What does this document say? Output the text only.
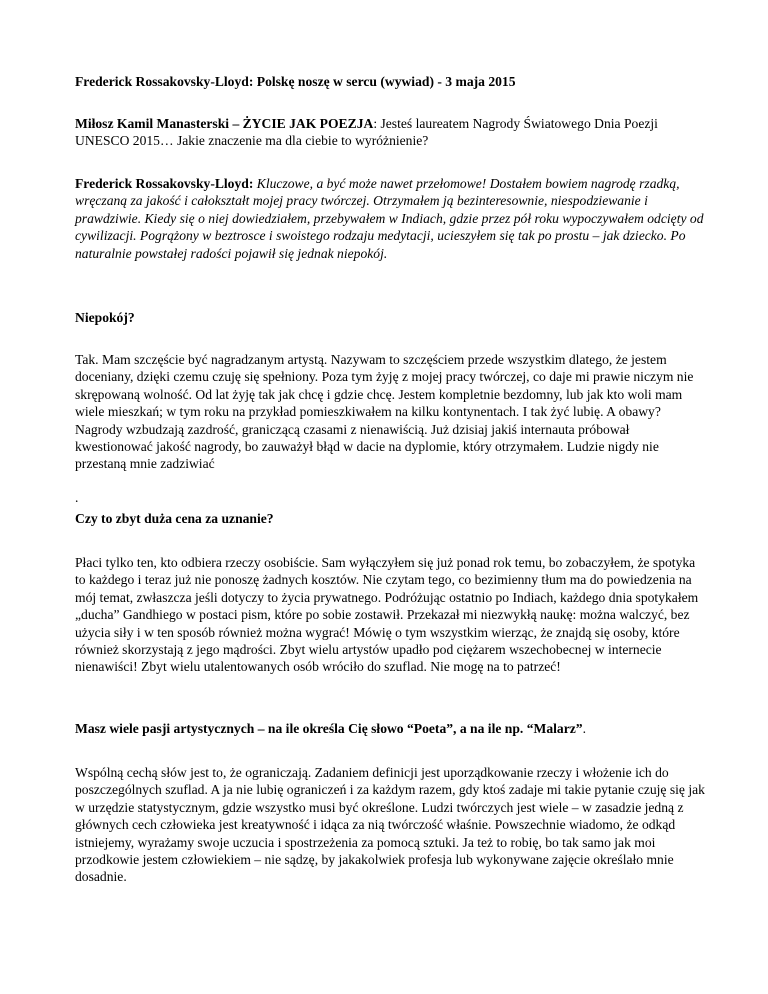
Frederick Rossakovsky-Lloyd: Polskę noszę w sercu (wywiad) - 3 maja 2015

Miłosz Kamil Manasterski – ŻYCIE JAK POEZJA: Jesteś laureatem Nagrody Światowego Dnia Poezji UNESCO 2015… Jakie znaczenie ma dla ciebie to wyróżnienie?

Frederick Rossakovsky-Lloyd: Kluczowe, a być może nawet przełomowe! Dostałem bowiem nagrodę rzadką, wręczaną za jakość i całokształt mojej pracy twórczej. Otrzymałem ją bezinteresownie, niespodziewanie i prawdziwie. Kiedy się o niej dowiedziałem, przebywałem w Indiach, gdzie przez pół roku wypoczywałem odcięty od cywilizacji. Pogrążony w beztrosce i swoistego rodzaju medytacji, ucieszyłem się tak po prostu – jak dziecko. Po naturalnie powstałej radości pojawił się jednak niepokój.

Niepokój?

Tak. Mam szczęście być nagradzanym artystą. Nazywam to szczęściem przede wszystkim dlatego, że jestem doceniany, dzięki czemu czuję się spełniony. Poza tym żyję z mojej pracy twórczej, co daje mi prawie niczym nie skrępowaną wolność. Od lat żyję tak jak chcę i gdzie chcę. Jestem kompletnie bezdomny, lub jak kto woli mam wiele mieszkań; w tym roku na przykład pomieszkiwałem na kilku kontynentach. I tak żyć lubię. A obawy? Nagrody wzbudzają zazdrość, graniczącą czasami z nienawiścią. Już dzisiaj jakiś internauta próbował kwestionować jakość nagrody, bo zauważył błąd w dacie na dyplomie, który otrzymałem. Ludzie nigdy nie przestaną mnie zadziwiać

.

Czy to zbyt duża cena za uznanie?

Płaci tylko ten, kto odbiera rzeczy osobiście. Sam wyłączyłem się już ponad rok temu, bo zobaczyłem, że spotyka to każdego i teraz już nie ponoszę żadnych kosztów. Nie czytam tego, co bezimienny tłum ma do powiedzenia na mój temat, zwłaszcza jeśli dotyczy to życia prywatnego. Podróżując ostatnio po Indiach, każdego dnia spotykałem „ducha” Gandhiego w postaci pism, które po sobie zostawił. Przekazał mi niezwykłą naukę: można walczyć, bez użycia siły i w ten sposób również można wygrać! Mówię o tym wszystkim wierząc, że znajdą się osoby, które również skorzystają z jego mądrości. Zbyt wielu artystów upadło pod ciężarem wszechobecnej w internecie nienawiści! Zbyt wielu utalentowanych osób wróciło do szuflad. Nie mogę na to patrzeć!

Masz wiele pasji artystycznych – na ile określa Cię słowo “Poeta”, a na ile np. “Malarz”.

Wspólną cechą słów jest to, że ograniczają. Zadaniem definicji jest uporządkowanie rzeczy i włożenie ich do poszczególnych szuflad. A ja nie lubię ograniczeń i za każdym razem, gdy ktoś zadaje mi takie pytanie czuję się jak w urzędzie statystycznym, gdzie wszystko musi być określone. Ludzi twórczych jest wiele – w zasadzie jedną z głównych cech człowieka jest kreatywność i idąca za nią twórczość właśnie. Powszechnie wiadomo, że odkąd istniejemy, wyrażamy swoje uczucia i spostrzeżenia za pomocą sztuki. Ja też to robię, bo tak samo jak moi przodkowie jestem człowiekiem – nie sądzę, by jakakolwiek profesja lub wykonywane zajęcie określało mnie dosadnie.
